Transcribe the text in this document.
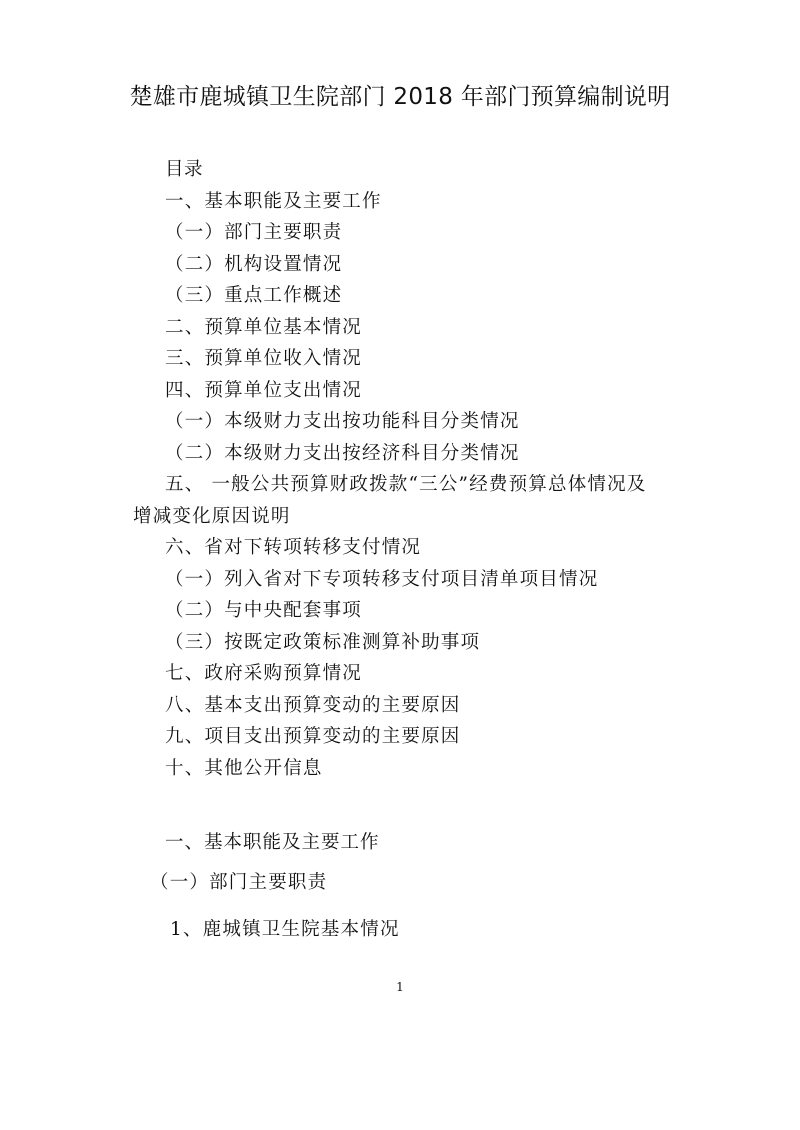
楚雄市鹿城镇卫生院部门 2018 年部门预算编制说明
目录
一、基本职能及主要工作
（一）部门主要职责
（二）机构设置情况
（三）重点工作概述
二、预算单位基本情况
三、预算单位收入情况
四、预算单位支出情况
（一）本级财力支出按功能科目分类情况
（二）本级财力支出按经济科目分类情况
五、 一般公共预算财政拨款“三公”经费预算总体情况及
增减变化原因说明
六、省对下转项转移支付情况
（一）列入省对下专项转移支付项目清单项目情况
（二）与中央配套事项
（三）按既定政策标准测算补助事项
七、政府采购预算情况
八、基本支出预算变动的主要原因
九、项目支出预算变动的主要原因
十、其他公开信息
一、基本职能及主要工作
（一）部门主要职责
1、鹿城镇卫生院基本情况
1
